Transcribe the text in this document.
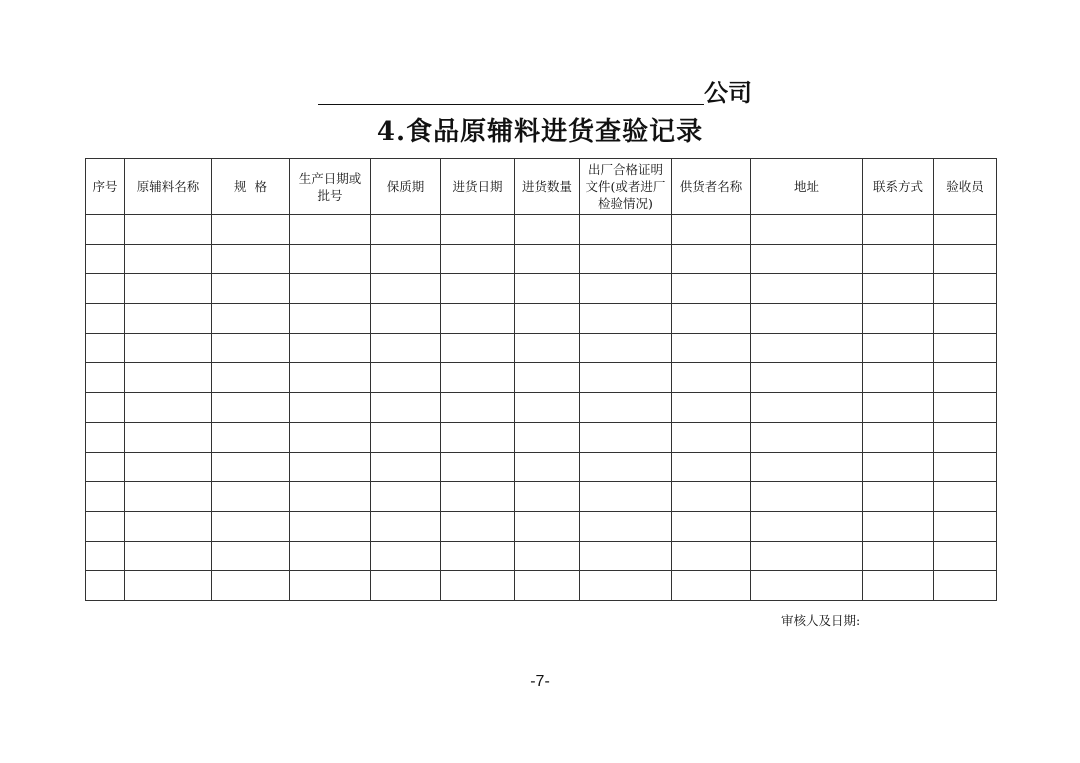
公司
4.食品原辅料进货查验记录
序号	原辅料名称	规  格	生产日期或批号	保质期	进货日期	进货数量	出厂合格证明文件(或者进厂检验情况)	供货者名称	地址	联系方式	验收员

审核人及日期:
-7-
